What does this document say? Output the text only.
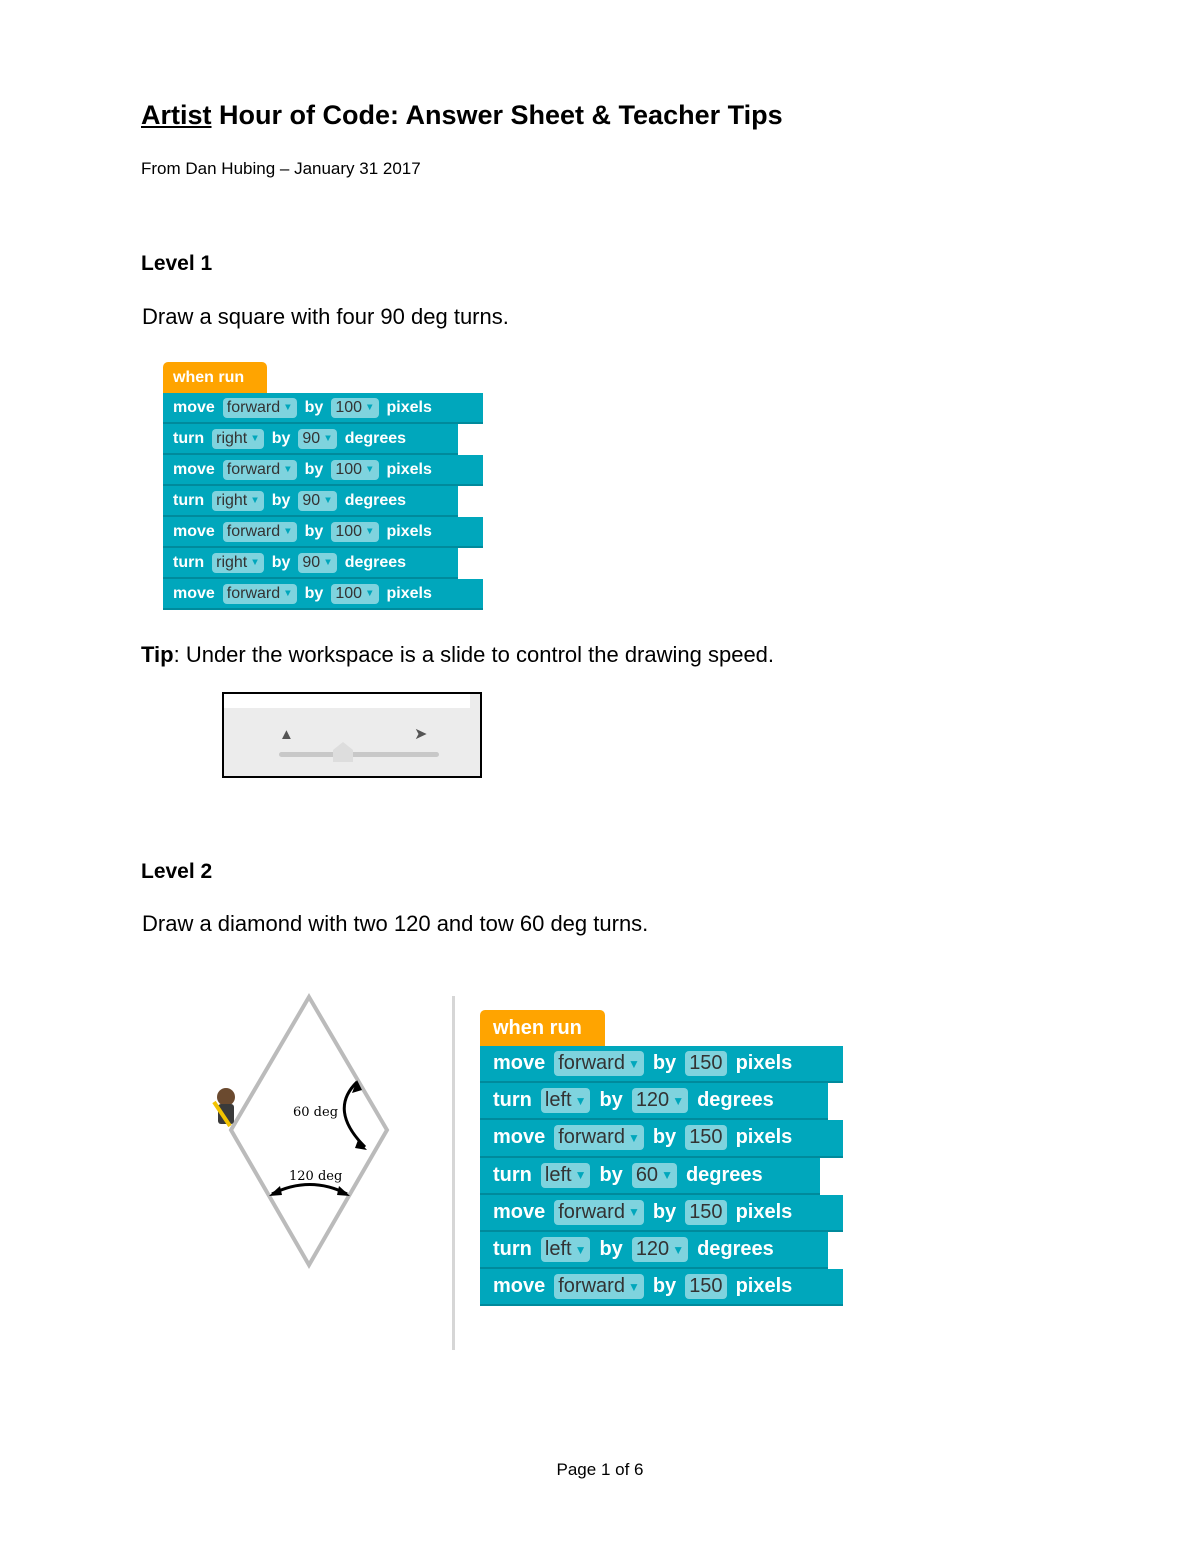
Artist Hour of Code: Answer Sheet & Teacher Tips
From Dan Hubing – January 31 2017
Level 1
Draw a square with four 90 deg turns.
when run
move forward ▼ by 100 ▼ pixels
turn right ▼ by 90 ▼ degrees
move forward ▼ by 100 ▼ pixels
turn right ▼ by 90 ▼ degrees
move forward ▼ by 100 ▼ pixels
turn right ▼ by 90 ▼ degrees
move forward ▼ by 100 ▼ pixels
Tip: Under the workspace is a slide to control the drawing speed.
▲	➤
Level 2
Draw a diamond with two 120 and tow 60 deg turns.
60 deg
120 deg
when run
move forward ▼ by 150 pixels
turn left ▼ by 120 ▼ degrees
move forward ▼ by 150 pixels
turn left ▼ by 60 ▼ degrees
move forward ▼ by 150 pixels
turn left ▼ by 120 ▼ degrees
move forward ▼ by 150 pixels
Page 1 of 6
